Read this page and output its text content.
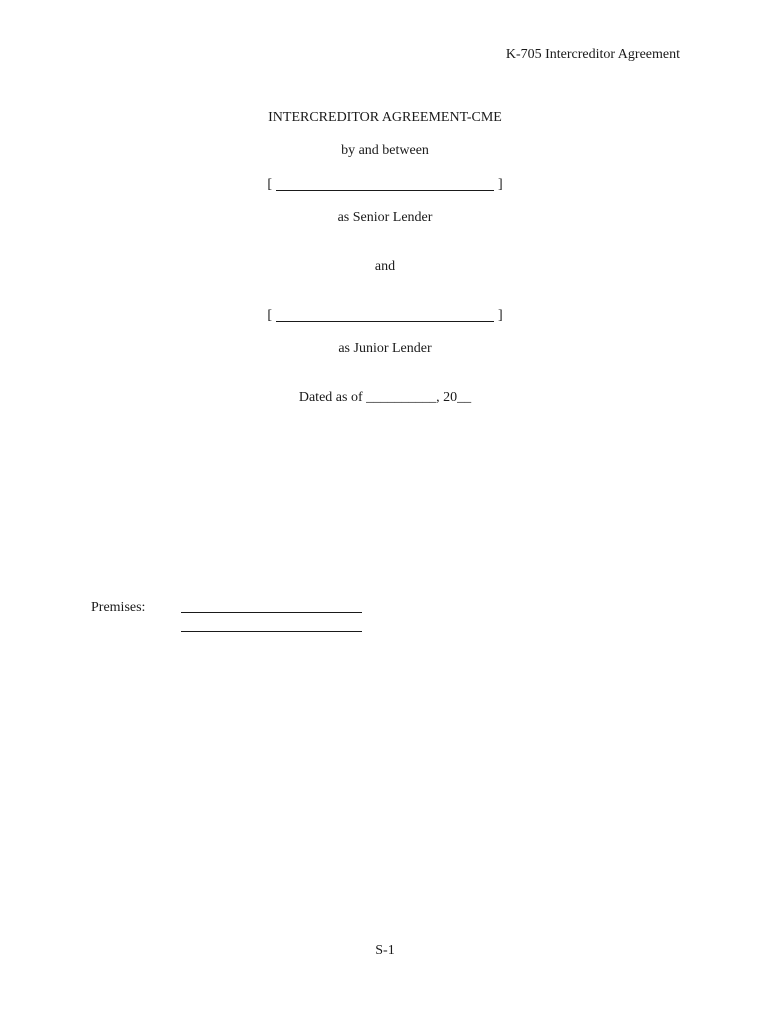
K-705 Intercreditor Agreement
INTERCREDITOR AGREEMENT-CME
by and between
[	]
as Senior Lender
and
[	]
as Junior Lender
Dated as of __________, 20__
Premises:
S-1
